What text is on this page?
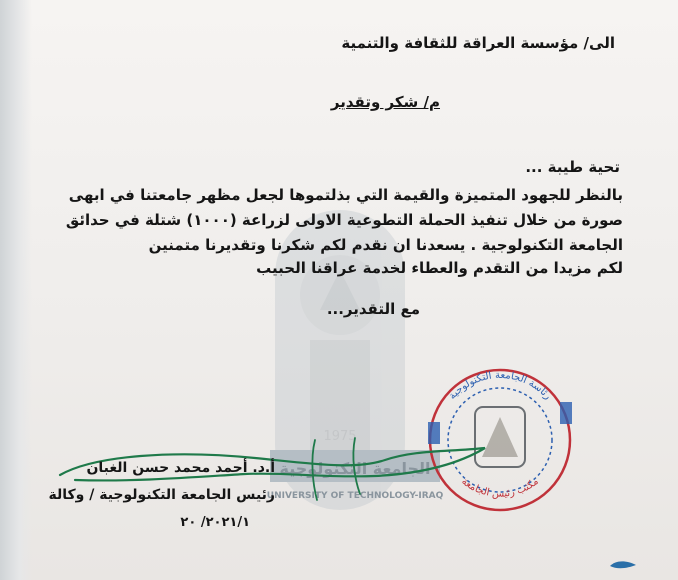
1975
الجامعة التكنولوجية
UNIVERSITY OF TECHNOLOGY-IRAQ
الى/ مؤسسة العراقة للثقافة والتنمية
م/ شكر وتقدير
تحية طيبة ...
بالنظر للجهود المتميزة والقيمة التي بذلتموها لجعل مظهر جامعتنا في ابهى
صورة من خلال تنفيذ الحملة التطوعية الاولى لزراعة (١٠٠٠) شتلة في حدائق
الجامعة التكنولوجية . يسعدنا ان نقدم لكم شكرنا وتقديرنا متمنين
لكم مزيدا من التقدم والعطاء لخدمة عراقنا الحبيب
مع التقدير...
رئاسة الجامعة التكنولوجية
مكتب رئيس الجامعة
أ.د. أحمد محمد حسن الغبان
رئيس الجامعة التكنولوجية / وكالة
٢٠٢١/١/ ٢٠
